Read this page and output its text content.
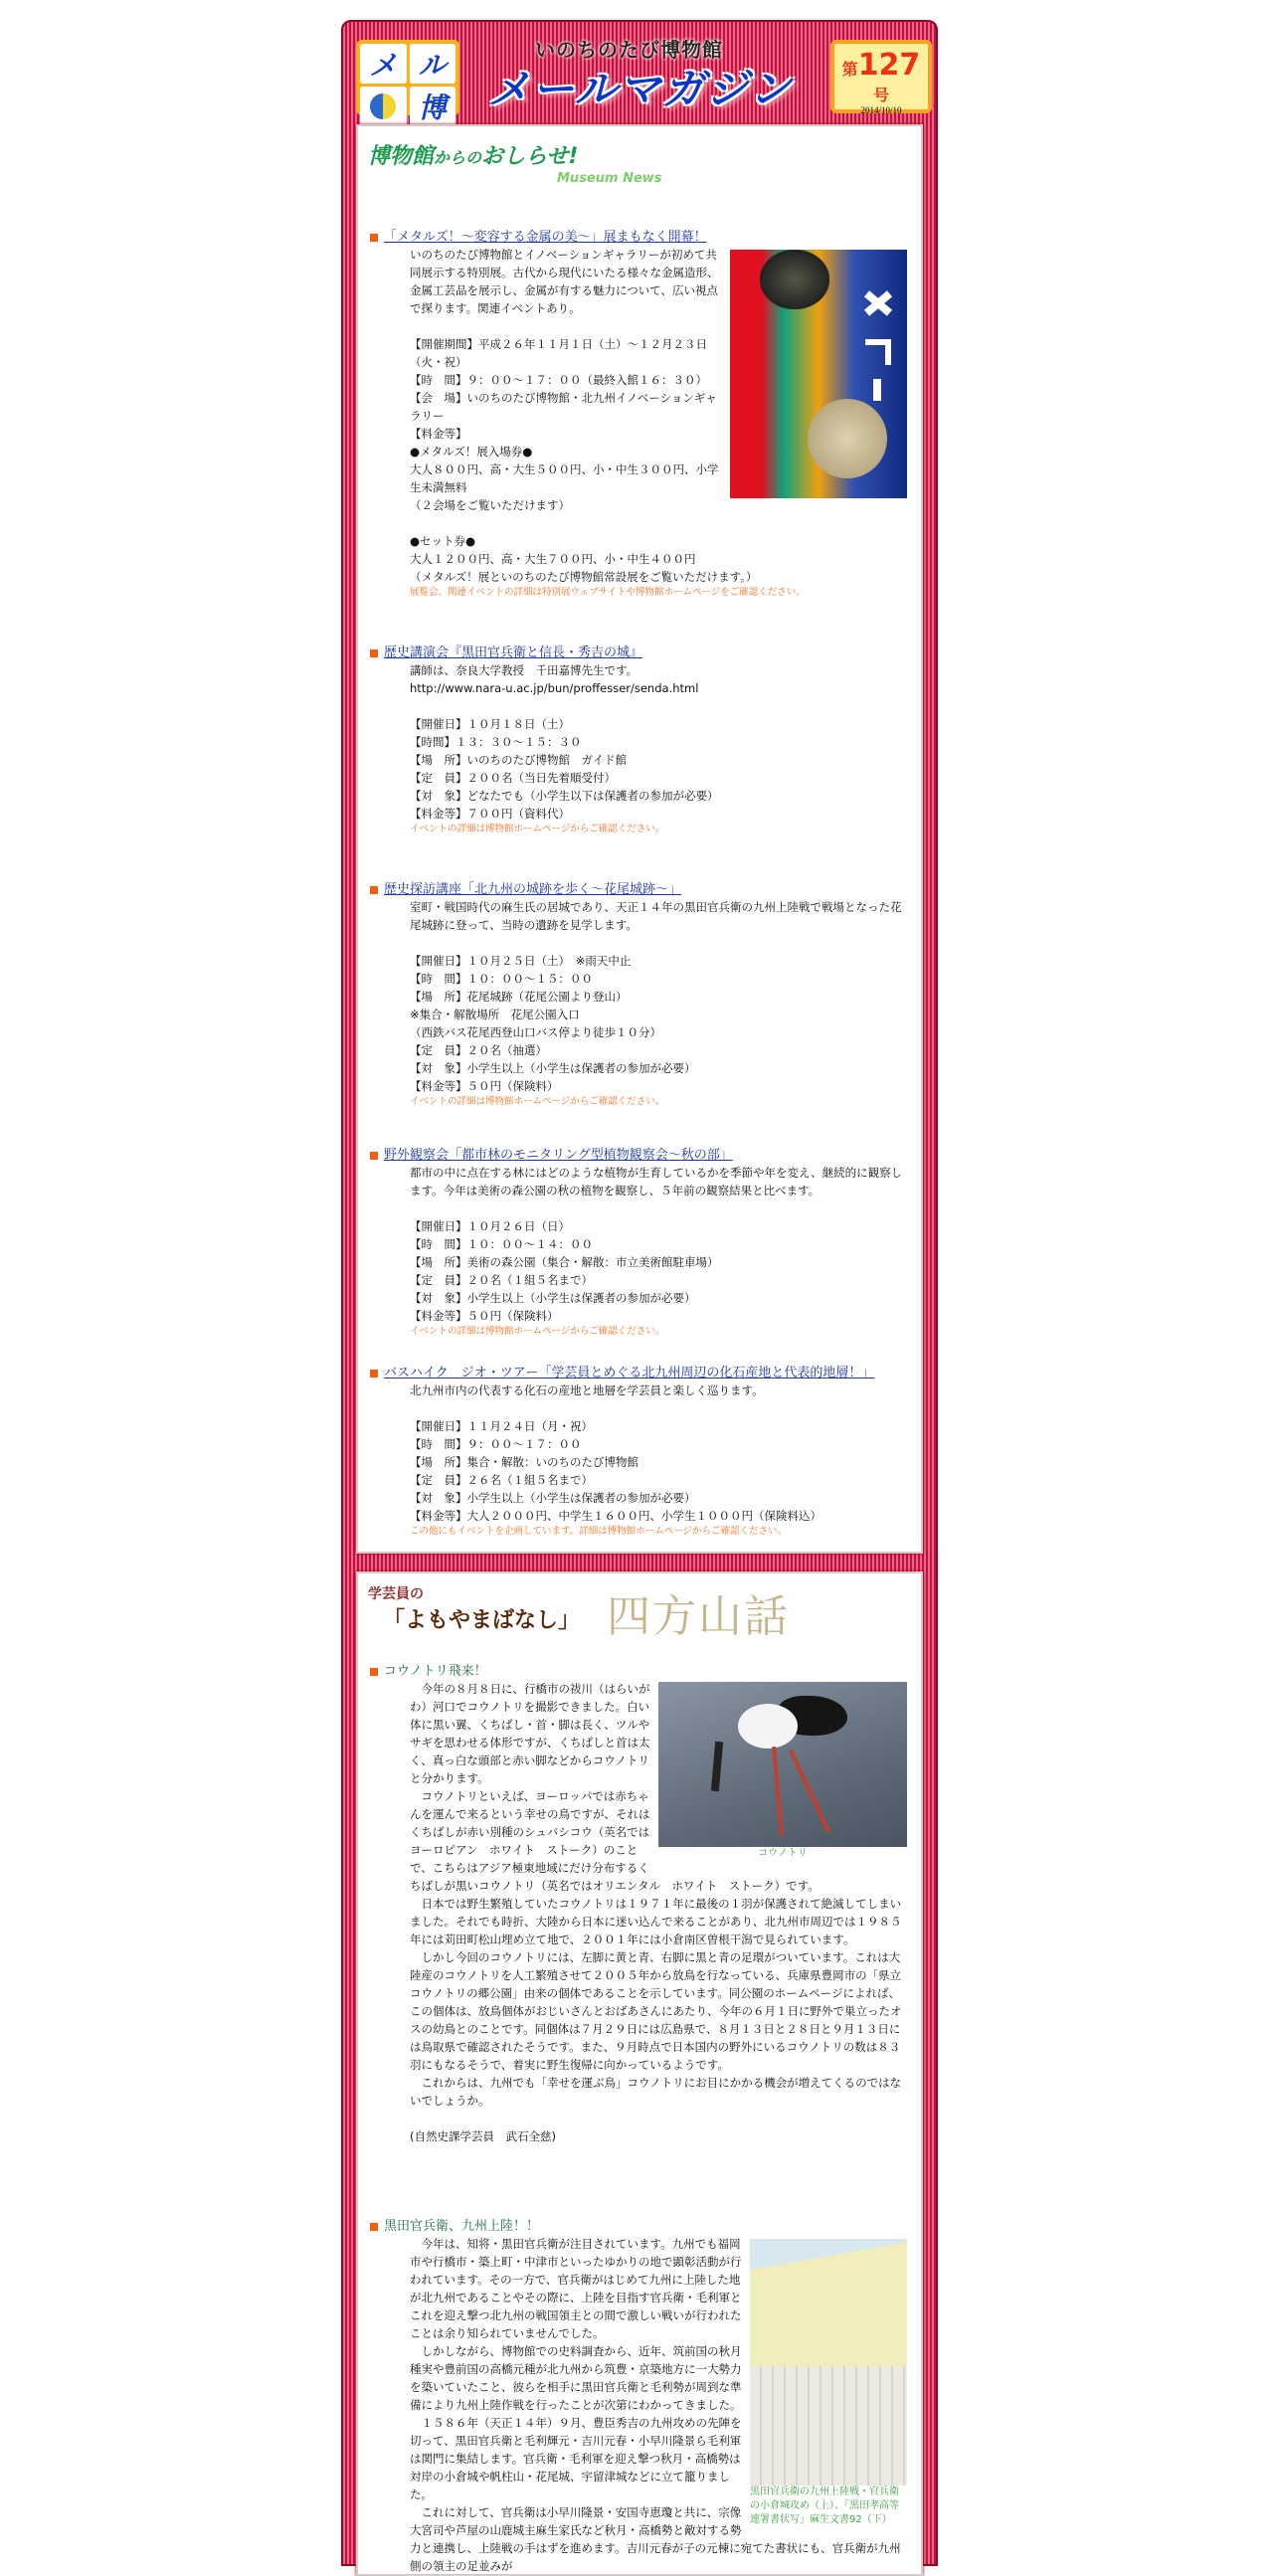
メ ル
博
いのちのたび博物館
メールマガジン	第127号
2014/10/10
博物館からのおしらせ!
Museum News
「メタルズ！～変容する金属の美～」展まもなく開幕！
いのちのたび博物館とイノベーションギャラリーが初めて共同展示する特別展。古代から現代にいたる様々な金属造形、金属工芸品を展示し、金属が有する魅力について、広い視点で探ります。関連イベントあり。

【開催期間】平成２６年１１月１日（土）～１２月２３日（火・祝）
【時　間】９：００～１７：００（最終入館１６：３０）
【会　場】いのちのたび博物館・北九州イノベーションギャラリー
【料金等】
●メタルズ！展入場券●
大人８００円、高・大生５００円、小・中生３００円、小学生未満無料
（２会場をご覧いただけます）

●セット券●
大人１２００円、高・大生７００円、小・中生４００円
（メタルズ！展といのちのたび博物館常設展をご覧いただけます。）
展覧会、関連イベントの詳細は特別展ウェブサイトや博物館ホームページをご確認ください。
歴史講演会『黒田官兵衛と信長・秀吉の城』
講師は、奈良大学教授　千田嘉博先生です。
http://www.nara-u.ac.jp/bun/proffesser/senda.html

【開催日】１０月１８日（土）
【時間】１３：３０～１５：３０
【場　所】いのちのたび博物館　ガイド館
【定　員】２００名（当日先着順受付）
【対　象】どなたでも（小学生以下は保護者の参加が必要）
【料金等】７００円（資料代）
イベントの詳細は博物館ホームページからご確認ください。
歴史探訪講座「北九州の城跡を歩く～花尾城跡～」
室町・戦国時代の麻生氏の居城であり、天正１４年の黒田官兵衛の九州上陸戦で戦場となった花尾城跡に登って、当時の遺跡を見学します。

【開催日】１０月２５日（土）　※雨天中止
【時　間】１０：００～１５：００
【場　所】花尾城跡（花尾公園より登山）
※集合・解散場所　花尾公園入口
（西鉄バス花尾西登山口バス停より徒歩１０分）
【定　員】２０名（抽選）
【対　象】小学生以上（小学生は保護者の参加が必要）
【料金等】５０円（保険料）
イベントの詳細は博物館ホームページからご確認ください。
野外観察会「都市林のモニタリング型植物観察会～秋の部」
都市の中に点在する林にはどのような植物が生育しているかを季節や年を変え、継続的に観察します。今年は美術の森公園の秋の植物を観察し、５年前の観察結果と比べます。

【開催日】１０月２６日（日）
【時　間】１０：００～１４：００
【場　所】美術の森公園（集合・解散：市立美術館駐車場）
【定　員】２０名（１組５名まで）
【対　象】小学生以上（小学生は保護者の参加が必要）
【料金等】５０円（保険料）
イベントの詳細は博物館ホームページからご確認ください。
バスハイク　ジオ・ツアー「学芸員とめぐる北九州周辺の化石産地と代表的地層！」
北九州市内の代表する化石の産地と地層を学芸員と楽しく巡ります。

【開催日】１１月２４日（月・祝）
【時　間】９：００～１７：００
【場　所】集合・解散：いのちのたび博物館
【定　員】２６名（１組５名まで）
【対　象】小学生以上（小学生は保護者の参加が必要）
【料金等】大人２０００円、中学生１６００円、小学生１０００円（保険料込）
この他にもイベントを企画しています。詳細は博物館ホームページからご確認ください。
学芸員の
「よもやまばなし」 四方山話
コウノトリ飛来！
コウノトリ
今年の８月８日に、行橋市の祓川（はらいがわ）河口でコウノトリを撮影できました。白い体に黒い翼、くちばし・首・脚は長く、ツルやサギを思わせる体形ですが、くちばしと首は太く、真っ白な頭部と赤い脚などからコウノトリと分かります。
コウノトリといえば、ヨーロッパでは赤ちゃんを運んで来るという幸せの鳥ですが、それはくちばしが赤い別種のシュバシコウ（英名ではヨーロピアン　ホワイト　ストーク）のことで、こちらはアジア極東地域にだけ分布するくちばしが黒いコウノトリ（英名ではオリエンタル　ホワイト　ストーク）です。
日本では野生繁殖していたコウノトリは１９７１年に最後の１羽が保護されて絶滅してしまいました。それでも時折、大陸から日本に迷い込んで来ることがあり、北九州市周辺では１９８５年には苅田町松山埋め立て地で、２００１年には小倉南区曽根干潟で見られています。
しかし今回のコウノトリには、左脚に黄と青、右脚に黒と青の足環がついています。これは大陸産のコウノトリを人工繁殖させて２００５年から放鳥を行なっている、兵庫県豊岡市の「県立コウノトリの郷公園」由来の個体であることを示しています。同公園のホームページによれば、この個体は、放鳥個体がおじいさんとおばあさんにあたり、今年の６月１日に野外で巣立ったオスの幼鳥とのことです。同個体は７月２９日には広島県で、８月１３日と２８日と９月１３日には鳥取県で確認されたそうです。また、９月時点で日本国内の野外にいるコウノトリの数は８３羽にもなるそうで、着実に野生復帰に向かっているようです。
これからは、九州でも「幸せを運ぶ鳥」コウノトリにお目にかかる機会が増えてくるのではないでしょうか。
(自然史課学芸員　武石全慈)
黒田官兵衛、九州上陸！！
黒田官兵衛の九州上陸戦・官兵衛の小倉城攻め（上）、「黒田孝高等連署書状写」麻生文書92（下）
今年は、知将・黒田官兵衛が注目されています。九州でも福岡市や行橋市・築上町・中津市といったゆかりの地で顕彰活動が行われています。その一方で、官兵衛がはじめて九州に上陸した地が北九州であることやその際に、上陸を目指す官兵衛・毛利軍とこれを迎え撃つ北九州の戦国領主との間で激しい戦いが行われたことは余り知られていませんでした。
しかしながら、博物館での史料調査から、近年、筑前国の秋月種実や豊前国の高橋元種が北九州から筑豊・京築地方に一大勢力を築いていたこと、彼らを相手に黒田官兵衛と毛利勢が周到な準備により九州上陸作戦を行ったことが次第にわかってきました。
１５８６年（天正１４年）９月、豊臣秀吉の九州攻めの先陣を切って、黒田官兵衛と毛利輝元・吉川元春・小早川隆景ら毛利軍は関門に集結します。官兵衛・毛利軍を迎え撃つ秋月・高橋勢は対岸の小倉城や帆柱山・花尾城、宇留津城などに立て籠りました。
これに対して、官兵衛は小早川隆景・安国寺恵瓊と共に、宗像大宮司や芦屋の山鹿城主麻生家氏など秋月・高橋勢と敵対する勢力と連携し、上陸戦の手はずを進めます。吉川元春が子の元棟に宛てた書状にも、官兵衛が九州側の領主の足並みが
